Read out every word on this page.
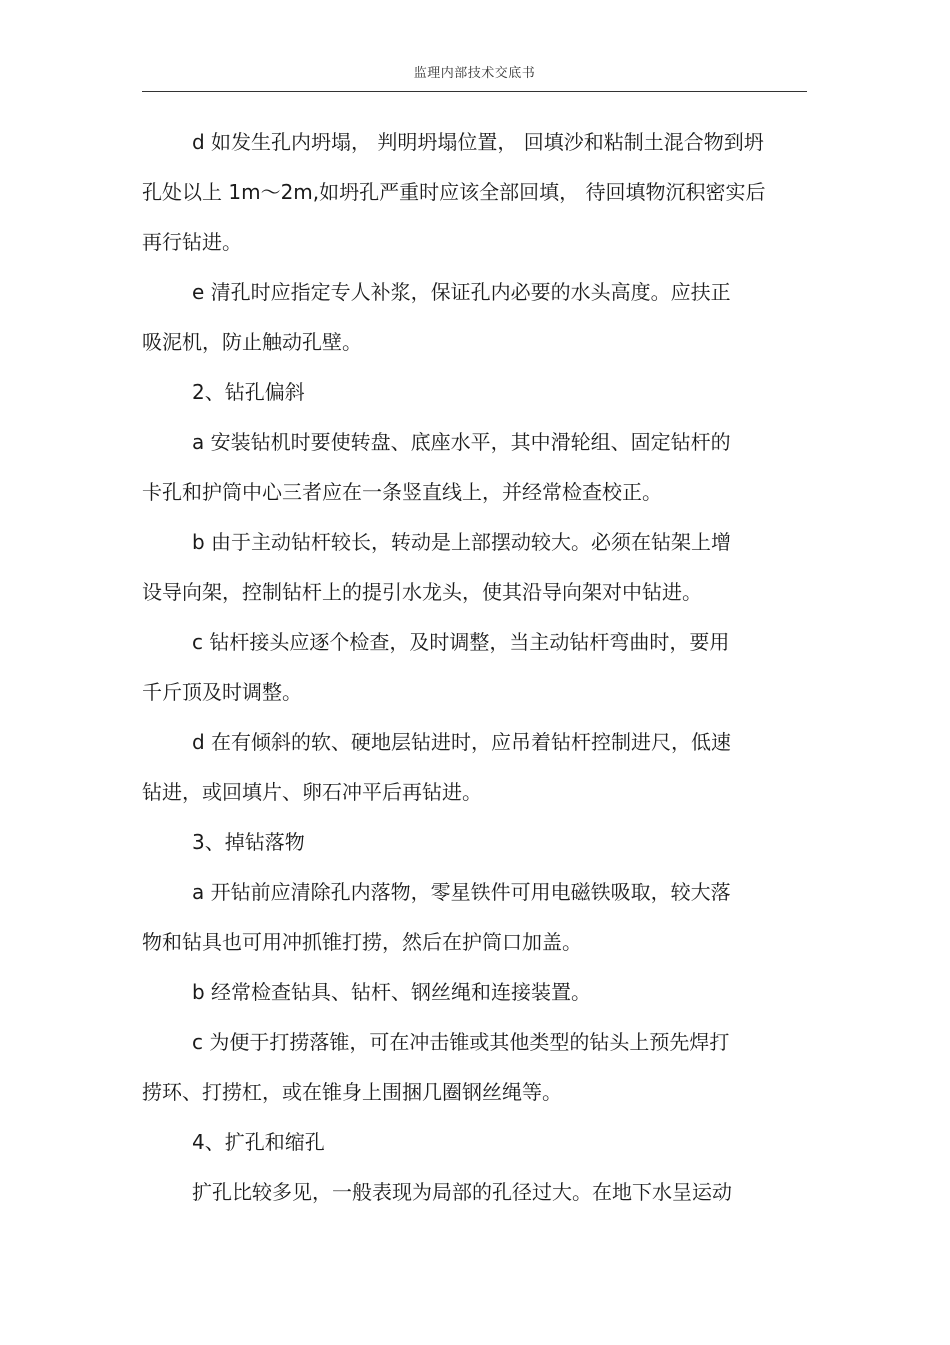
监理内部技术交底书
d 如发生孔内坍塌， 判明坍塌位置， 回填沙和粘制土混合物到坍
孔处以上 1m～2m,如坍孔严重时应该全部回填， 待回填物沉积密实后
再行钻进。
e 清孔时应指定专人补浆，保证孔内必要的水头高度。应扶正
吸泥机，防止触动孔壁。
2、钻孔偏斜
a 安装钻机时要使转盘、底座水平，其中滑轮组、固定钻杆的
卡孔和护筒中心三者应在一条竖直线上，并经常检查校正。
b 由于主动钻杆较长，转动是上部摆动较大。必须在钻架上增
设导向架，控制钻杆上的提引水龙头，使其沿导向架对中钻进。
c 钻杆接头应逐个检查，及时调整，当主动钻杆弯曲时，要用
千斤顶及时调整。
d 在有倾斜的软、硬地层钻进时，应吊着钻杆控制进尺，低速
钻进，或回填片、卵石冲平后再钻进。
3、掉钻落物
a 开钻前应清除孔内落物，零星铁件可用电磁铁吸取，较大落
物和钻具也可用冲抓锥打捞，然后在护筒口加盖。
b 经常检查钻具、钻杆、钢丝绳和连接装置。
c 为便于打捞落锥，可在冲击锥或其他类型的钻头上预先焊打
捞环、打捞杠，或在锥身上围捆几圈钢丝绳等。
4、扩孔和缩孔
扩孔比较多见，一般表现为局部的孔径过大。在地下水呈运动
